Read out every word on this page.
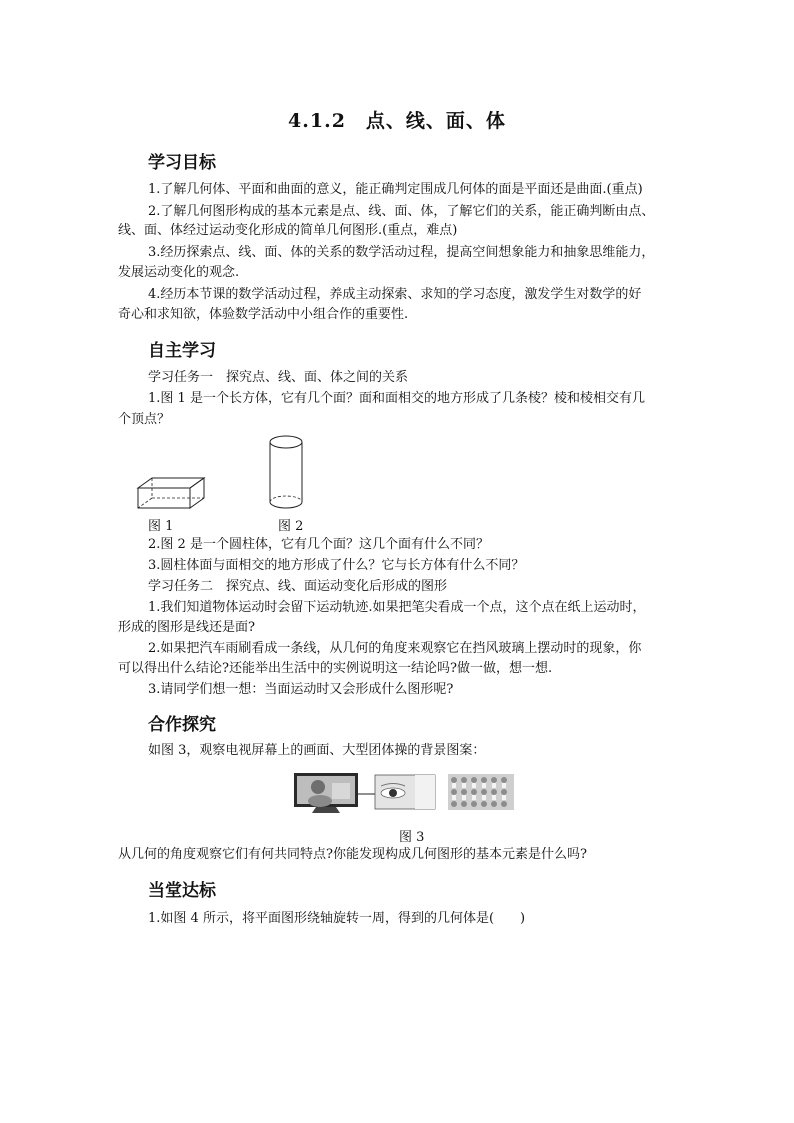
4.1.2　点、线、面、体
学习目标
1.了解几何体、平面和曲面的意义，能正确判定围成几何体的面是平面还是曲面.(重点)
2.了解几何图形构成的基本元素是点、线、面、体，了解它们的关系，能正确判断由点、
线、面、体经过运动变化形成的简单几何图形.(重点，难点)
3.经历探索点、线、面、体的关系的数学活动过程，提高空间想象能力和抽象思维能力，
发展运动变化的观念.
4.经历本节课的数学活动过程，养成主动探索、求知的学习态度，激发学生对数学的好
奇心和求知欲，体验数学活动中小组合作的重要性.
自主学习
学习任务一　探究点、线、面、体之间的关系
1.图 1 是一个长方体，它有几个面？面和面相交的地方形成了几条棱？棱和棱相交有几
个顶点？
图 1	图 2
2.图 2 是一个圆柱体，它有几个面？这几个面有什么不同？
3.圆柱体面与面相交的地方形成了什么？它与长方体有什么不同？
学习任务二　探究点、线、面运动变化后形成的图形
1.我们知道物体运动时会留下运动轨迹.如果把笔尖看成一个点，这个点在纸上运动时，
形成的图形是线还是面?
2.如果把汽车雨刷看成一条线，从几何的角度来观察它在挡风玻璃上摆动时的现象，你
可以得出什么结论?还能举出生活中的实例说明这一结论吗?做一做，想一想.
3.请同学们想一想：当面运动时又会形成什么图形呢?
合作探究
如图 3，观察电视屏幕上的画面、大型团体操的背景图案：
图 3
从几何的角度观察它们有何共同特点?你能发现构成几何图形的基本元素是什么吗?
当堂达标
1.如图 4 所示，将平面图形绕轴旋转一周，得到的几何体是(　　)
